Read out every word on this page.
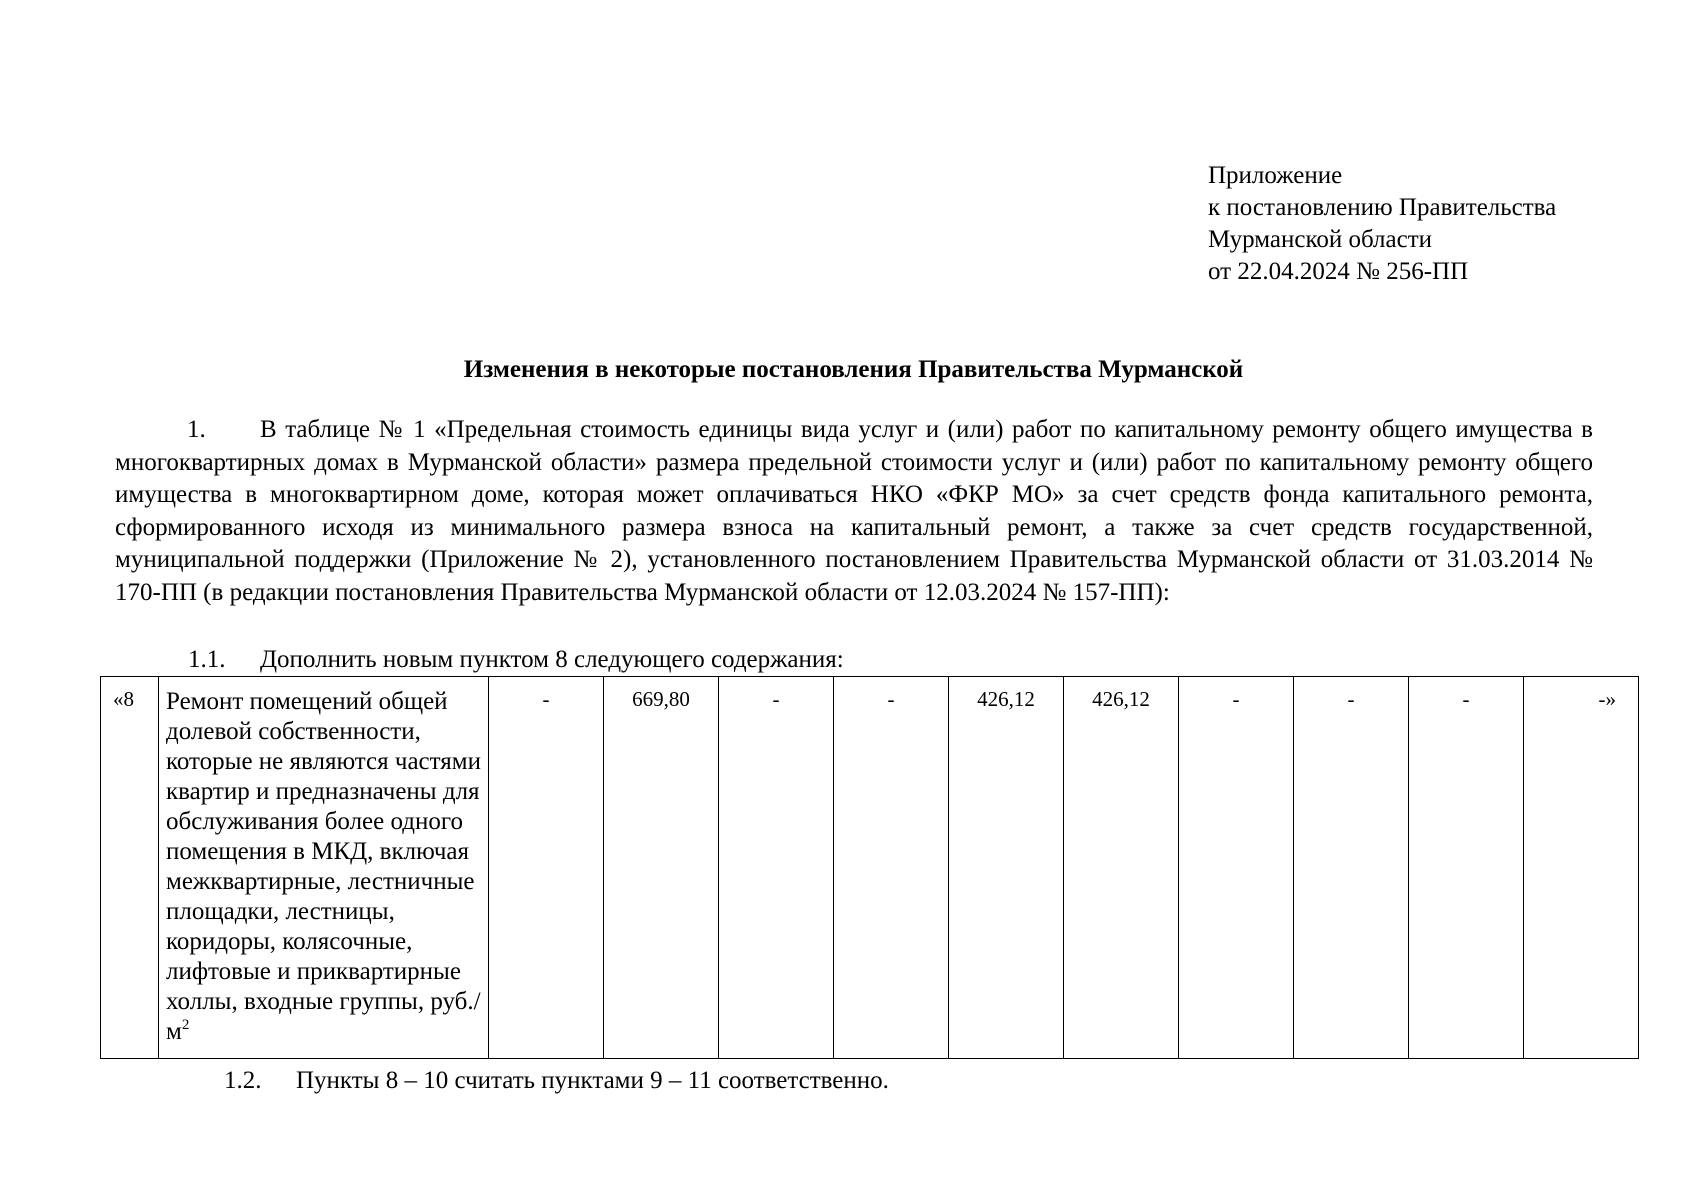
Приложение
к постановлению Правительства
Мурманской области
от 22.04.2024 № 256-ПП
Изменения в некоторые постановления Правительства Мурманской
1. В таблице № 1 «Предельная стоимость единицы вида услуг и (или) работ по капитальному ремонту общего имущества в многоквартирных домах в Мурманской области» размера предельной стоимости услуг и (или) работ по капитальному ремонту общего имущества в многоквартирном доме, которая может оплачиваться НКО «ФКР МО» за счет средств фонда капитального ремонта, сформированного исходя из минимального размера взноса на капитальный ремонт, а также за счет средств государственной, муниципальной поддержки (Приложение № 2), установленного постановлением Правительства Мурманской области от 31.03.2014 № 170-ПП (в редакции постановления Правительства Мурманской области от 12.03.2024 № 157-ПП):
1.1. Дополнить новым пунктом 8 следующего содержания:
«8	Ремонт помещений общей долевой собственности, которые не являются частями квартир и предназначены для обслуживания более одного помещения в МКД, включая межквартирные, лестничные площадки, лестницы, коридоры, колясочные, лифтовые и приквартирные холлы, входные группы, $руб./м^2$	-	669,80	-	-	426,12	426,12	-	-	-	-»
1.2. Пункты 8 – 10 считать пунктами 9 – 11 соответственно.
